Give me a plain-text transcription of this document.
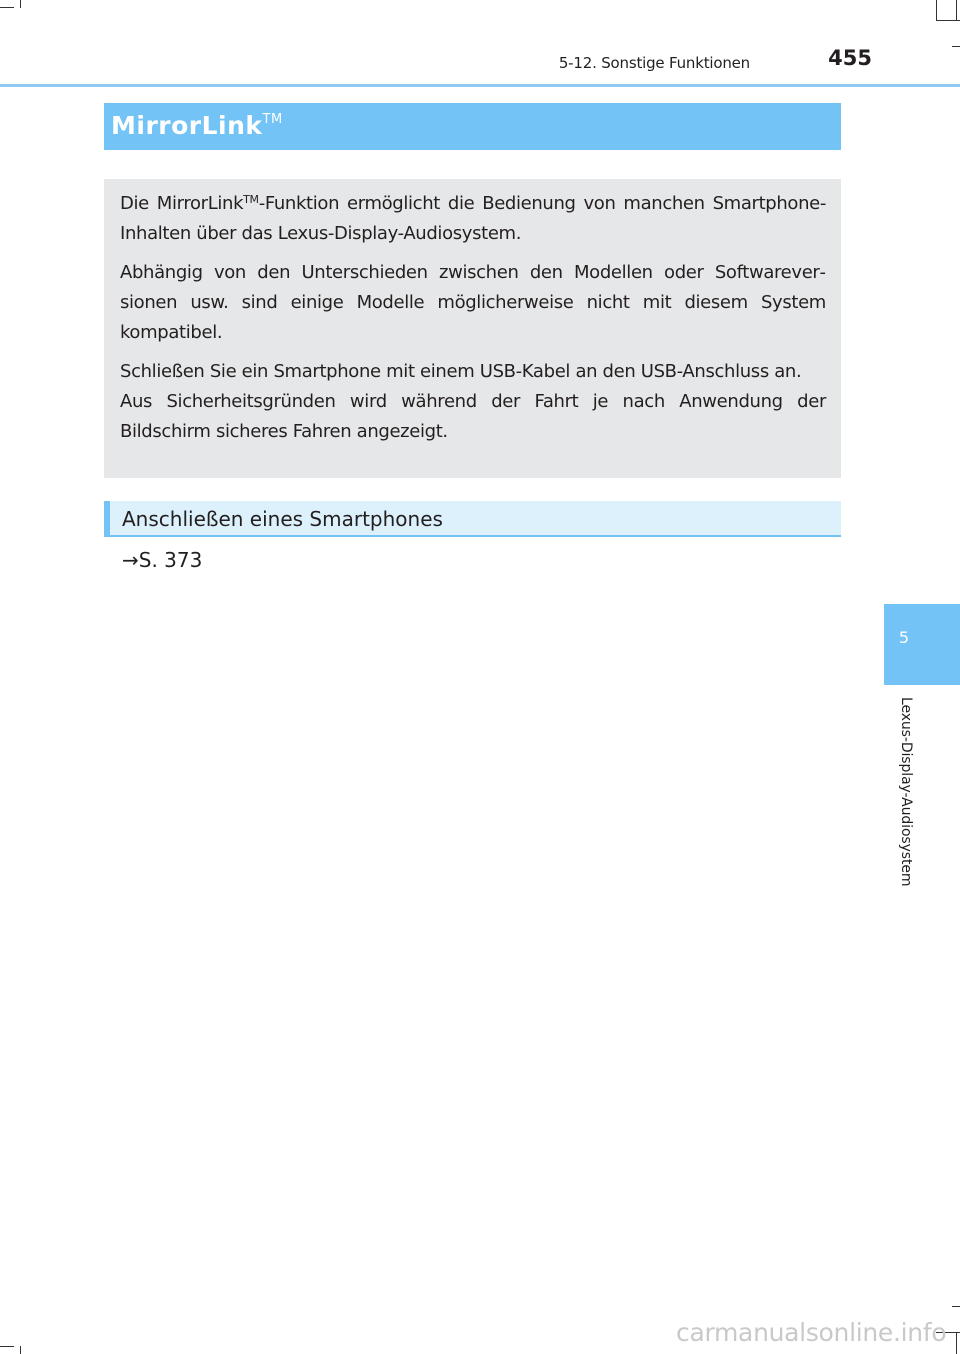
5-12. Sonstige Funktionen	455
MirrorLink™

Die MirrorLink™-Funktion ermöglicht die Bedienung von manchen Smartphone-Inhalten über das Lexus-Display-Audiosystem.

Abhängig von den Unterschieden zwischen den Modellen oder Softwareversionen usw. sind einige Modelle möglicherweise nicht mit diesem System kompatibel.

Schließen Sie ein Smartphone mit einem USB-Kabel an den USB-Anschluss an.

Aus Sicherheitsgründen wird während der Fahrt je nach Anwendung der Bildschirm sicheres Fahren angezeigt.

Anschließen eines Smartphones
→S. 373
5
Lexus-Display-Audiosystem
carmanualsonline.info
